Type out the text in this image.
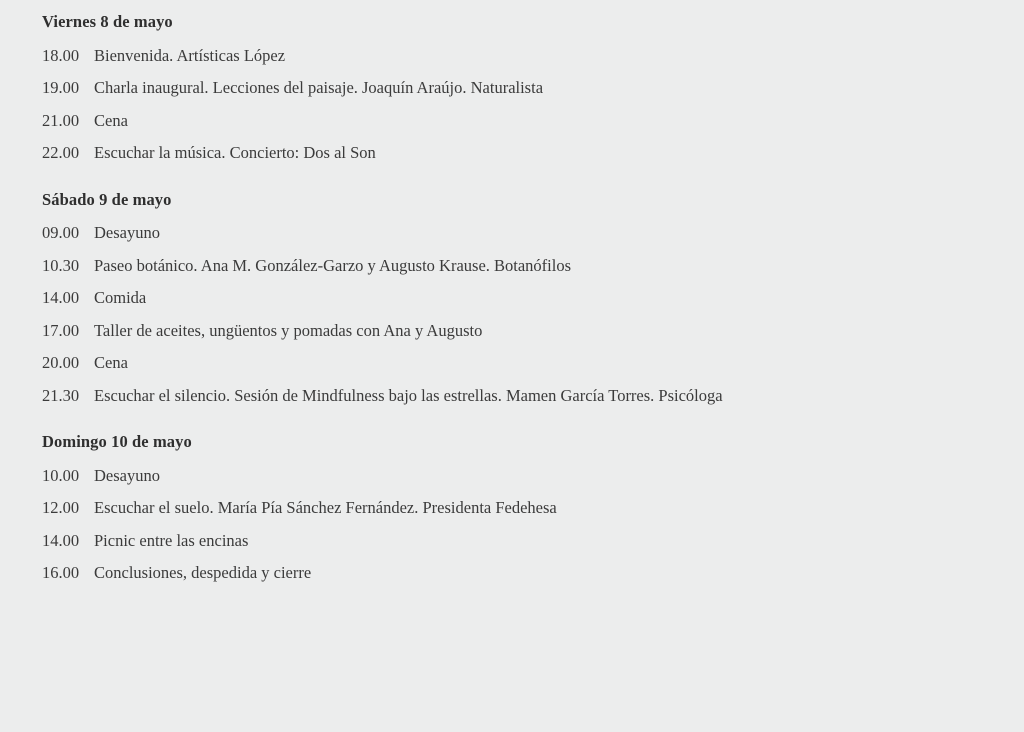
Viernes 8 de mayo
18.00 Bienvenida. Artísticas López
19.00 Charla inaugural. Lecciones del paisaje. Joaquín Araújo. Naturalista
21.00 Cena
22.00 Escuchar la música. Concierto: Dos al Son
Sábado 9 de mayo
09.00 Desayuno
10.30 Paseo botánico. Ana M. González-Garzo y Augusto Krause. Botanófilos
14.00 Comida
17.00 Taller de aceites, ungüentos y pomadas con Ana y Augusto
20.00 Cena
21.30 Escuchar el silencio. Sesión de Mindfulness bajo las estrellas. Mamen García Torres. Psicóloga
Domingo 10 de mayo
10.00 Desayuno
12.00 Escuchar el suelo. María Pía Sánchez Fernández. Presidenta Fedehesa
14.00 Picnic entre las encinas
16.00 Conclusiones, despedida y cierre
